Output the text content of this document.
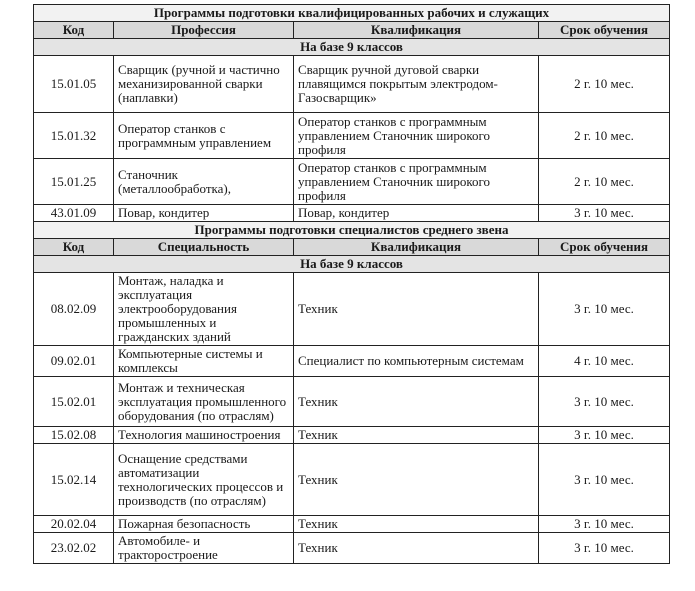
Программы подготовки квалифицированных рабочих и служащих			
Код	Профессия	Квалификация	Срок обучения
На базе 9 классов			
15.01.05	Сварщик (ручной и частично механизированной сварки (наплавки)	Сварщик ручной дуговой сварки плавящимся покрытым электродом-Газосварщик»	2 г. 10 мес.
15.01.32	Оператор станков с программным управлением	Оператор станков с программным управлением Станочник широкого профиля	2 г. 10 мес.
15.01.25	Станочник (металлообработка),	Оператор станков с программным управлением Станочник широкого профиля	2 г. 10 мес.
43.01.09	Повар, кондитер	Повар, кондитер	3 г. 10 мес.
Программы подготовки специалистов среднего звена			
Код	Специальность	Квалификация	Срок обучения
На базе 9 классов			
08.02.09	Монтаж, наладка и эксплуатация электрооборудования промышленных и гражданских зданий	Техник	3 г. 10 мес.
09.02.01	Компьютерные системы и комплексы	Специалист по компьютерным системам	4 г. 10 мес.
15.02.01	Монтаж и техническая эксплуатация промышленного оборудования (по отраслям)	Техник	3 г. 10 мес.
15.02.08	Технология машиностроения	Техник	3 г. 10 мес.
15.02.14	Оснащение средствами автоматизации технологических процессов и производств (по отраслям)	Техник	3 г. 10 мес.
20.02.04	Пожарная безопасность	Техник	3 г. 10 мес.
23.02.02	Автомобиле- и тракторостроение	Техник	3 г. 10 мес.
